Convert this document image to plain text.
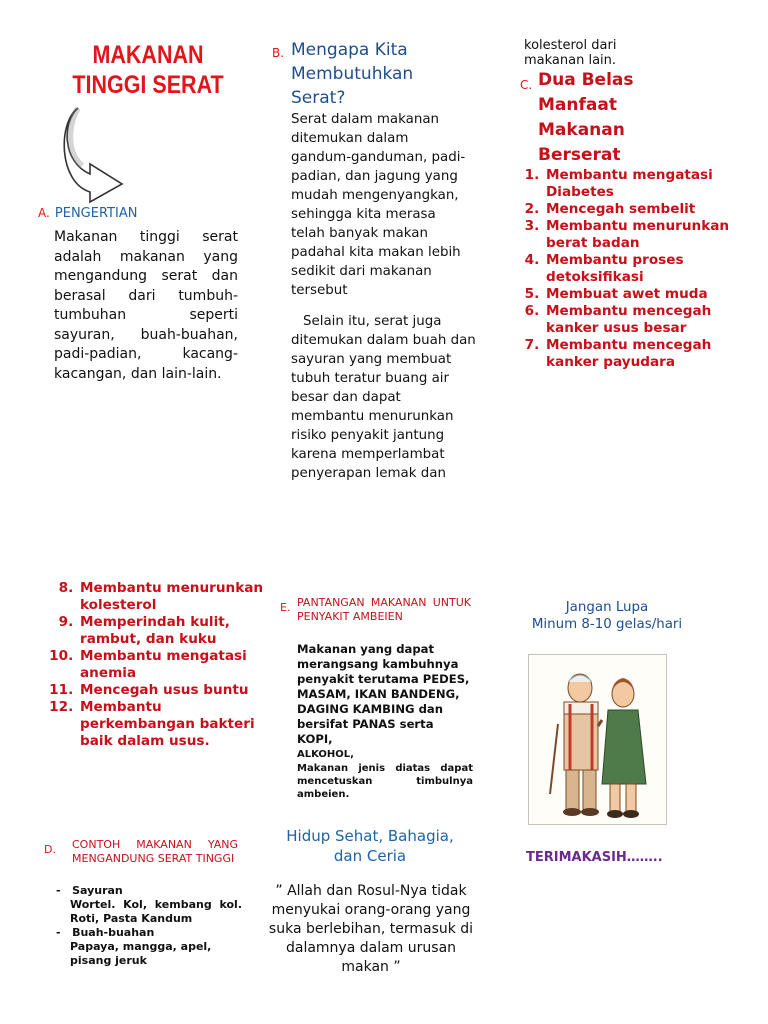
MAKANAN TINGGI SERAT
A. PENGERTIAN
Makanan tinggi serat adalah makanan yang mengandung serat dan berasal dari tumbuh-tumbuhan seperti sayuran, buah-buahan, padi-padian, kacang-kacangan, dan lain-lain.
B. Mengapa Kita Membutuhkan Serat?
Serat dalam makanan ditemukan dalam gandum-ganduman, padi-padian, dan jagung yang mudah mengenyangkan, sehingga kita merasa telah banyak makan padahal kita makan lebih sedikit dari makanan tersebut
Selain itu, serat juga ditemukan dalam buah dan sayuran yang membuat tubuh teratur buang air besar dan dapat membantu menurunkan risiko penyakit jantung karena memperlambat penyerapan lemak dan
kolesterol dari makanan lain.
C. Dua Belas Manfaat Makanan Berserat
1. Membantu mengatasi Diabetes
2. Mencegah sembelit
3. Membantu menurunkan berat badan
4. Membantu proses detoksifikasi
5. Membuat awet muda
6. Membantu mencegah kanker usus besar
7. Membantu mencegah kanker payudara
8. Membantu menurunkan kolesterol
9. Memperindah kulit, rambut, dan kuku
10. Membantu mengatasi anemia
11. Mencegah usus buntu
12. Membantu perkembangan bakteri baik dalam usus.
D.	CONTOH MAKANAN YANG MENGANDUNG SERAT TINGGI
-   Sayuran
Wortel. Kol, kembang kol. Roti, Pasta Kandum
-   Buah-buahan
Papaya, mangga, apel, pisang jeruk
E. PANTANGAN MAKANAN UNTUK PENYAKIT AMBEIEN
Makanan yang dapat merangsang kambuhnya penyakit terutama PEDES, MASAM, IKAN BANDENG, DAGING KAMBING dan bersifat PANAS serta KOPI,
ALKOHOL,
Makanan jenis diatas dapat mencetuskan timbulnya ambeien.
Hidup Sehat, Bahagia, dan Ceria
” Allah dan Rosul-Nya tidak menyukai orang-orang yang suka berlebihan, termasuk di dalamnya dalam urusan makan ”
Jangan Lupa
Minum 8-10 gelas/hari
TERIMAKASIH……..
